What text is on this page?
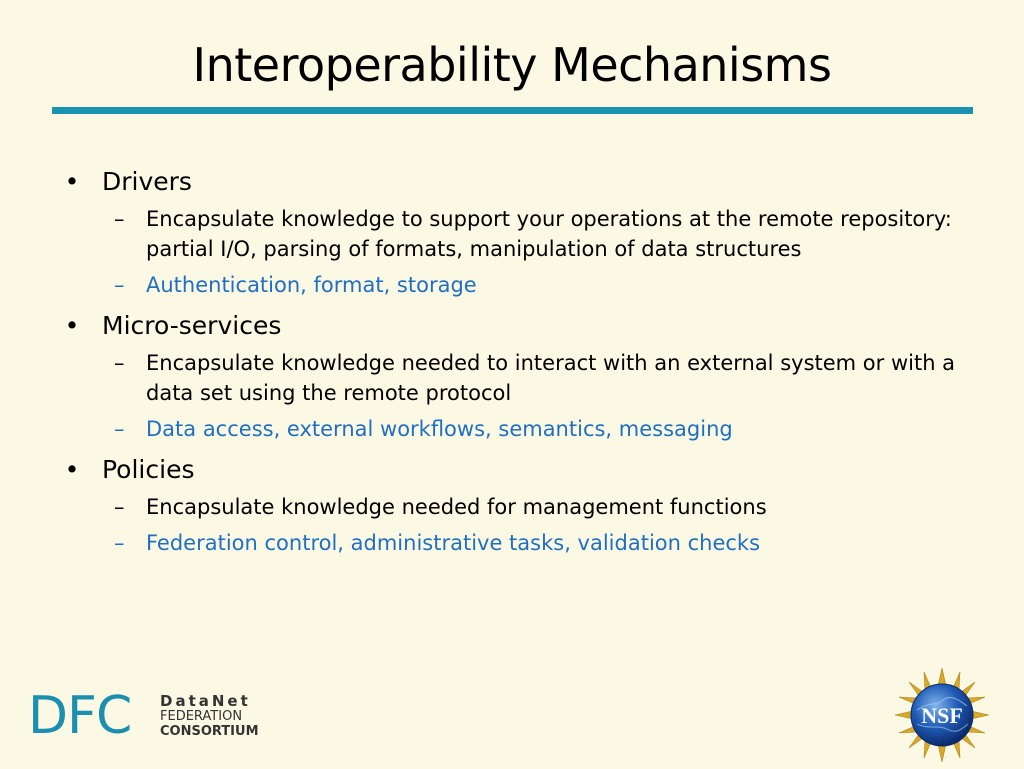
Interoperability Mechanisms
• Drivers
– Encapsulate knowledge to support your operations at the remote repository: partial I/O, parsing of formats, manipulation of data structures
– Authentication, format, storage
• Micro-services
– Encapsulate knowledge needed to interact with an external system or with a data set using the remote protocol
– Data access, external workflows, semantics, messaging
• Policies
– Encapsulate knowledge needed for management functions
– Federation control, administrative tasks, validation checks
DFC DataNet
FEDERATION
CONSORTIUM
NSF
